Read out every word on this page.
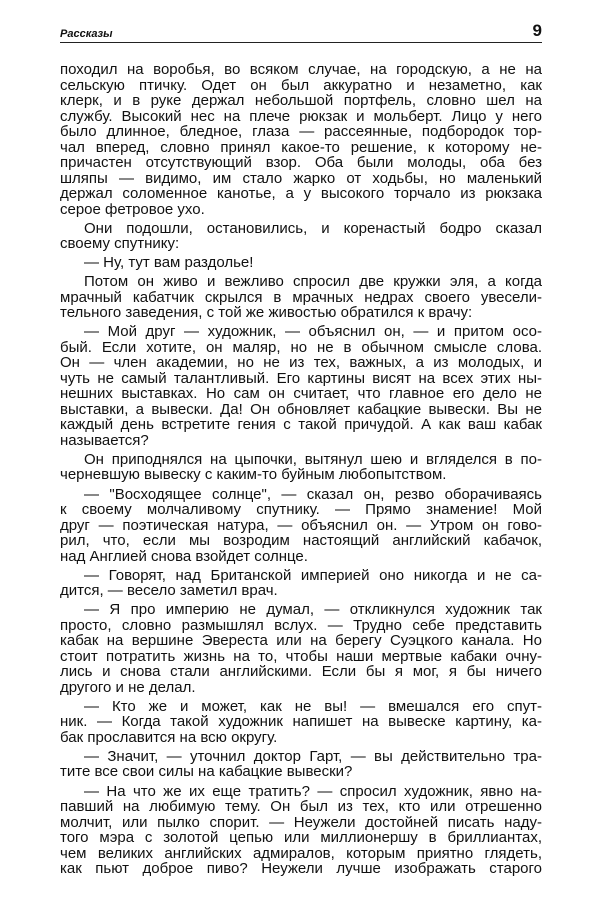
Рассказы	9
походил на воробья, во всяком случае, на городскую, а не на
сельскую птичку. Одет он был аккуратно и незаметно, как
клерк, и в руке держал небольшой портфель, словно шел на
службу. Высокий нес на плече рюкзак и мольберт. Лицо у него
было длинное, бледное, глаза — рассеянные, подбородок тор-
чал вперед, словно принял какое-то решение, к которому не-
причастен отсутствующий взор. Оба были молоды, оба без
шляпы — видимо, им стало жарко от ходьбы, но маленький
держал соломенное канотье, а у высокого торчало из рюкзака
серое фетровое ухо.
Они подошли, остановились, и коренастый бодро сказал
своему спутнику:
— Ну, тут вам раздолье!
Потом он живо и вежливо спросил две кружки эля, а когда
мрачный кабатчик скрылся в мрачных недрах своего увесели-
тельного заведения, с той же живостью обратился к врачу:
— Мой друг — художник, — объяснил он, — и притом осо-
бый. Если хотите, он маляр, но не в обычном смысле слова.
Он — член академии, но не из тех, важных, а из молодых, и
чуть не самый талантливый. Его картины висят на всех этих ны-
нешних выставках. Но сам он считает, что главное его дело не
выставки, а вывески. Да! Он обновляет кабацкие вывески. Вы не
каждый день встретите гения с такой причудой. А как ваш кабак
называется?
Он приподнялся на цыпочки, вытянул шею и вгляделся в по-
черневшую вывеску с каким-то буйным любопытством.
— "Восходящее солнце", — сказал он, резво оборачиваясь
к своему молчаливому спутнику. — Прямо знамение! Мой
друг — поэтическая натура, — объяснил он. — Утром он гово-
рил, что, если мы возродим настоящий английский кабачок,
над Англией снова взойдет солнце.
— Говорят, над Британской империей оно никогда и не са-
дится, — весело заметил врач.
— Я про империю не думал, — откликнулся художник так
просто, словно размышлял вслух. — Трудно себе представить
кабак на вершине Эвереста или на берегу Суэцкого канала. Но
стоит потратить жизнь на то, чтобы наши мертвые кабаки очну-
лись и снова стали английскими. Если бы я мог, я бы ничего
другого и не делал.
— Кто же и может, как не вы! — вмешался его спут-
ник. — Когда такой художник напишет на вывеске картину, ка-
бак прославится на всю округу.
— Значит, — уточнил доктор Гарт, — вы действительно тра-
тите все свои силы на кабацкие вывески?
— На что же их еще тратить? — спросил художник, явно на-
павший на любимую тему. Он был из тех, кто или отрешенно
молчит, или пылко спорит. — Неужели достойней писать надy-
того мэра с золотой цепью или миллионершу в бриллиантах,
чем великих английских адмиралов, которым приятно глядеть,
как пьют доброе пиво? Неужели лучше изображать старого
